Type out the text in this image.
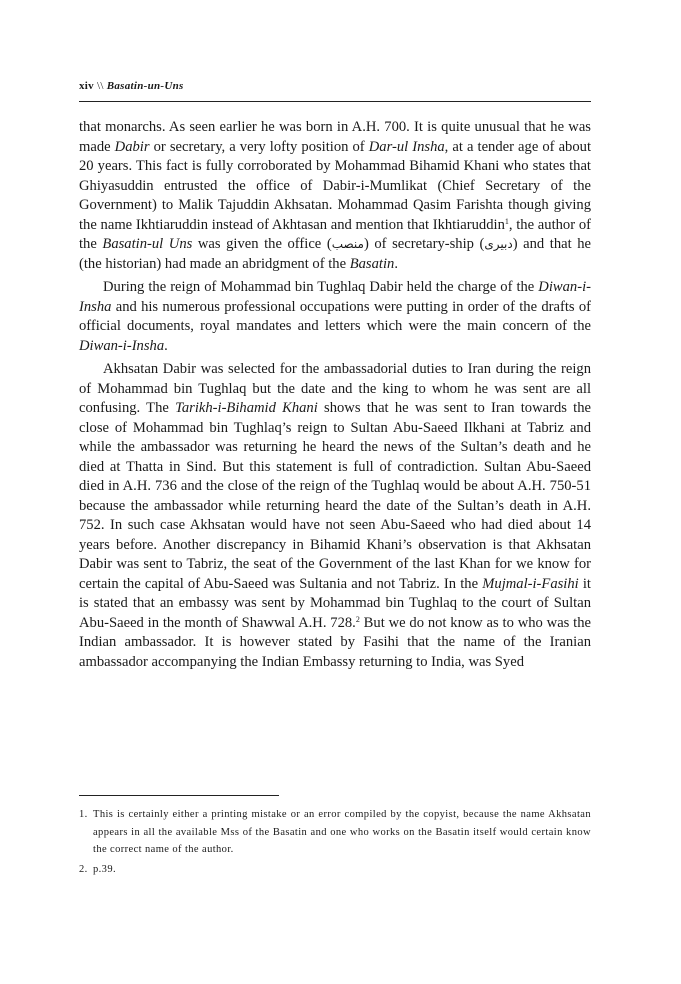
xiv \\ Basatin-un-Uns

that monarchs. As seen earlier he was born in A.H. 700. It is quite unusual that he was made Dabir or secretary, a very lofty position of Dar-ul Insha, at a tender age of about 20 years. This fact is fully corroborated by Mohammad Bihamid Khani who states that Ghiyasuddin entrusted the office of Dabir-i-Mumlikat (Chief Secretary of the Government) to Malik Tajuddin Akhsatan. Mohammad Qasim Farishta though giving the name Ikhtiaruddin instead of Akhtasan and mention that Ikhtiaruddin$^1$, the author of the Basatin-ul Uns was given the office (منصب) of secretary-ship (دبیری) and that he (the historian) had made an abridgment of the Basatin.

During the reign of Mohammad bin Tughlaq Dabir held the charge of the Diwan-i-Insha and his numerous professional occupations were putting in order of the drafts of official documents, royal mandates and letters which were the main concern of the Diwan-i-Insha.

Akhsatan Dabir was selected for the ambassadorial duties to Iran during the reign of Mohammad bin Tughlaq but the date and the king to whom he was sent are all confusing. The Tarikh-i-Bihamid Khani shows that he was sent to Iran towards the close of Mohammad bin Tughlaq’s reign to Sultan Abu-Saeed Ilkhani at Tabriz and while the ambassador was returning he heard the news of the Sultan’s death and he died at Thatta in Sind. But this statement is full of contradiction. Sultan Abu-Saeed died in A.H. 736 and the close of the reign of the Tughlaq would be about A.H. 750-51 because the ambassador while returning heard the date of the Sultan’s death in A.H. 752. In such case Akhsatan would have not seen Abu-Saeed who had died about 14 years before. Another discrepancy in Bihamid Khani’s observation is that Akhsatan Dabir was sent to Tabriz, the seat of the Government of the last Khan for we know for certain the capital of Abu-Saeed was Sultania and not Tabriz. In the Mujmal-i-Fasihi it is stated that an embassy was sent by Mohammad bin Tughlaq to the court of Sultan Abu-Saeed in the month of Shawwal A.H. 728.$^2$ But we do not know as to who was the Indian ambassador. It is however stated by Fasihi that the name of the Iranian ambassador accompanying the Indian Embassy returning to India, was Syed

1. This is certainly either a printing mistake or an error compiled by the copyist, because the name Akhsatan appears in all the available Mss of the Basatin and one who works on the Basatin itself would certain know the correct name of the author.
2. p.39.
